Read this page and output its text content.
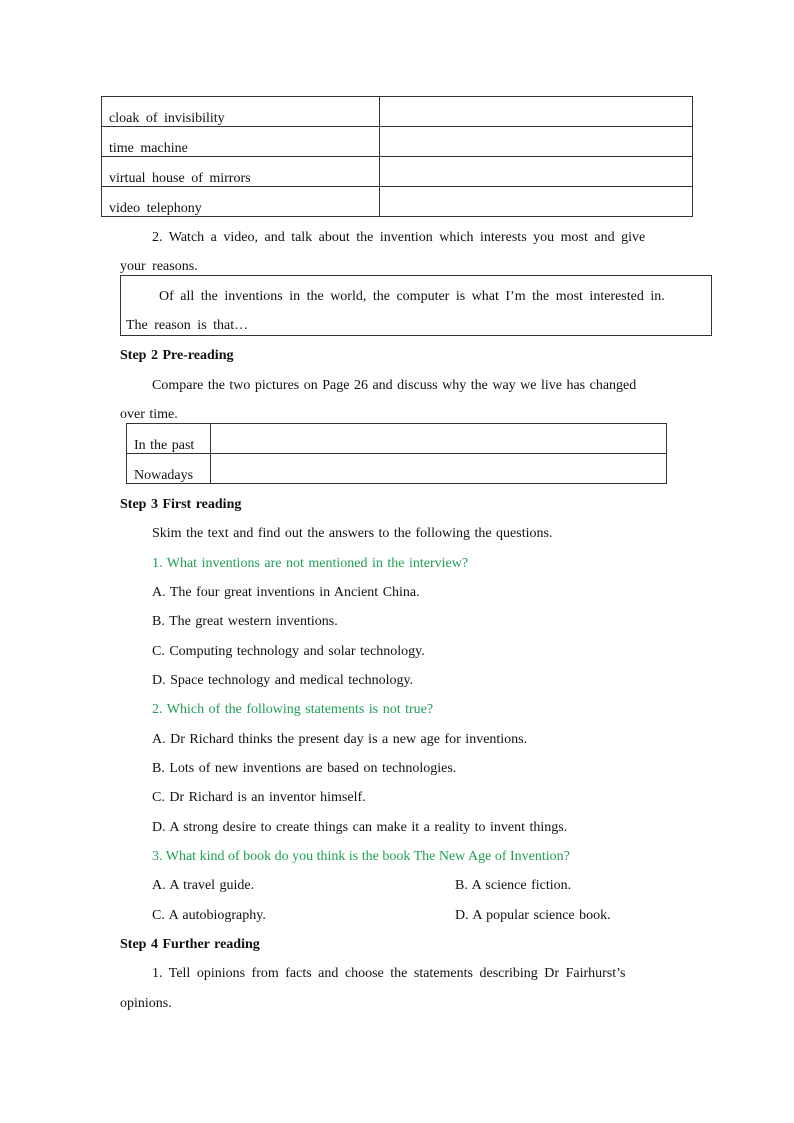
cloak of invisibility	

time machine	

virtual house of mirrors	

video telephony	

2. Watch a video, and talk about the invention which interests you most and give
your reasons.
Of all the inventions in the world, the computer is what I’m the most interested in.
The reason is that…
Step 2 Pre-reading
Compare the two pictures on Page 26 and discuss why the way we live has changed
over time.
In the past	

Nowadays	

Step 3 First reading
Skim the text and find out the answers to the following the questions.
1. What inventions are not mentioned in the interview?
A. The four great inventions in Ancient China.
B. The great western inventions.
C. Computing technology and solar technology.
D. Space technology and medical technology.
2. Which of the following statements is not true?
A. Dr Richard thinks the present day is a new age for inventions.
B. Lots of new inventions are based on technologies.
C. Dr Richard is an inventor himself.
D. A strong desire to create things can make it a reality to invent things.
3. What kind of book do you think is the book The New Age of Invention?
A. A travel guide.	B. A science fiction.
C. A autobiography.	D. A popular science book.
Step 4 Further reading
1. Tell opinions from facts and choose the statements describing Dr Fairhurst’s
opinions.
